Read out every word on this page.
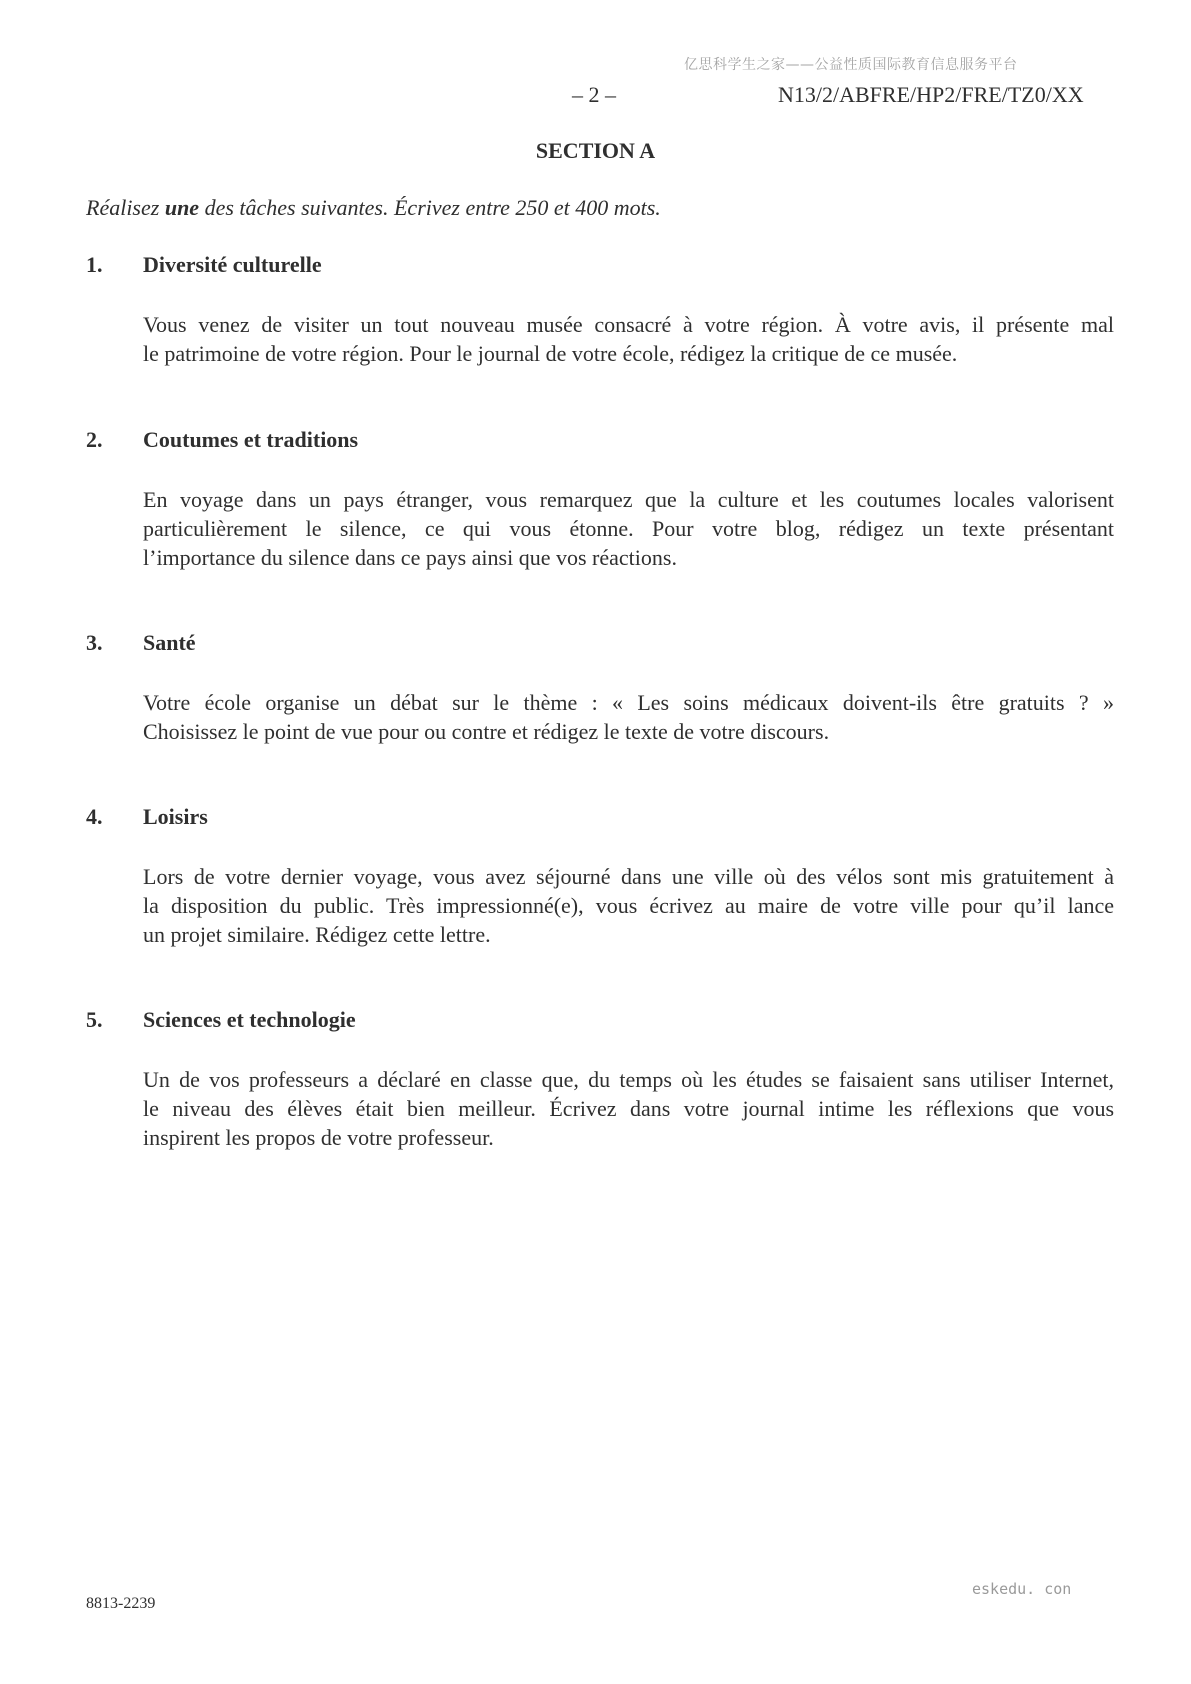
亿思科学生之家——公益性质国际教育信息服务平台
– 2 –	N13/2/ABFRE/HP2/FRE/TZ0/XX
SECTION A
Réalisez une des tâches suivantes. Écrivez entre 250 et 400 mots.
1. Diversité culturelle
Vous venez de visiter un tout nouveau musée consacré à votre région. À votre avis, il présente mal
le patrimoine de votre région. Pour le journal de votre école, rédigez la critique de ce musée.
2. Coutumes et traditions
En voyage dans un pays étranger, vous remarquez que la culture et les coutumes locales valorisent
particulièrement le silence, ce qui vous étonne. Pour votre blog, rédigez un texte présentant
l’importance du silence dans ce pays ainsi que vos réactions.
3. Santé
Votre école organise un débat sur le thème : « Les soins médicaux doivent-ils être gratuits ? »
Choisissez le point de vue pour ou contre et rédigez le texte de votre discours.
4. Loisirs
Lors de votre dernier voyage, vous avez séjourné dans une ville où des vélos sont mis gratuitement à
la disposition du public. Très impressionné(e), vous écrivez au maire de votre ville pour qu’il lance
un projet similaire. Rédigez cette lettre.
5. Sciences et technologie
Un de vos professeurs a déclaré en classe que, du temps où les études se faisaient sans utiliser Internet,
le niveau des élèves était bien meilleur. Écrivez dans votre journal intime les réflexions que vous
inspirent les propos de votre professeur.
8813-2239
eskedu. con
